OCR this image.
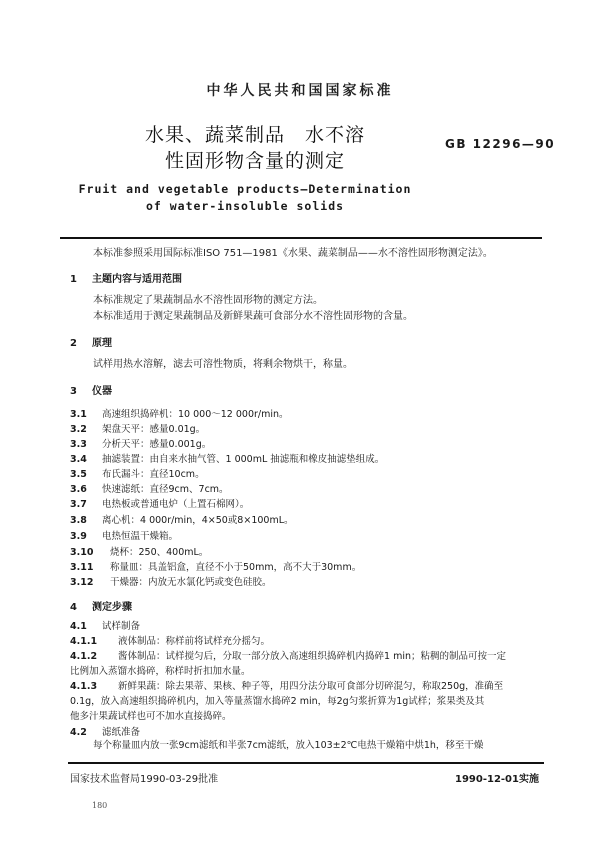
中华人民共和国国家标准
水果、蔬菜制品　水不溶
性固形物含量的测定
GB 12296—90
Fruit and vegetable products—Determination
of water-insoluble solids
本标准参照采用国际标准ISO 751—1981《水果、蔬菜制品——水不溶性固形物测定法》。
1 主题内容与适用范围
本标准规定了果蔬制品水不溶性固形物的测定方法。
本标准适用于测定果蔬制品及新鲜果蔬可食部分水不溶性固形物的含量。
2 原理
试样用热水溶解，滤去可溶性物质，将剩余物烘干，称量。
3 仪器
3.1 高速组织捣碎机：10 000～12 000r/min。
3.2 架盘天平：感量0.01g。
3.3 分析天平：感量0.001g。
3.4 抽滤装置：由自来水抽气管、1 000mL 抽滤瓶和橡皮抽滤垫组成。
3.5 布氏漏斗：直径10cm。
3.6 快速滤纸：直径9cm、7cm。
3.7 电热板或普通电炉（上置石棉网）。
3.8 离心机：4 000r/min，4×50或8×100mL。
3.9 电热恒温干燥箱。
3.10 烧杯：250、400mL。
3.11 称量皿：具盖铝盒，直径不小于50mm，高不大于30mm。
3.12 干燥器：内放无水氯化钙或变色硅胶。
4 测定步骤
4.1 试样制备
4.1.1 液体制品：称样前将试样充分摇匀。
4.1.2 酱体制品：试样搅匀后，分取一部分放入高速组织捣碎机内捣碎1 min；粘稠的制品可按一定
比例加入蒸馏水捣碎，称样时折扣加水量。
4.1.3 新鲜果蔬：除去果蒂、果核、种子等，用四分法分取可食部分切碎混匀，称取250g，准确至
0.1g，放入高速组织捣碎机内，加入等量蒸馏水捣碎2 min，每2g匀浆折算为1g试样；浆果类及其
他多汁果蔬试样也可不加水直接捣碎。
4.2 滤纸准备
每个称量皿内放一张9cm滤纸和半张7cm滤纸，放入103±2℃电热干燥箱中烘1h，移至干燥
国家技术监督局1990-03-29批准	1990-12-01实施
180
